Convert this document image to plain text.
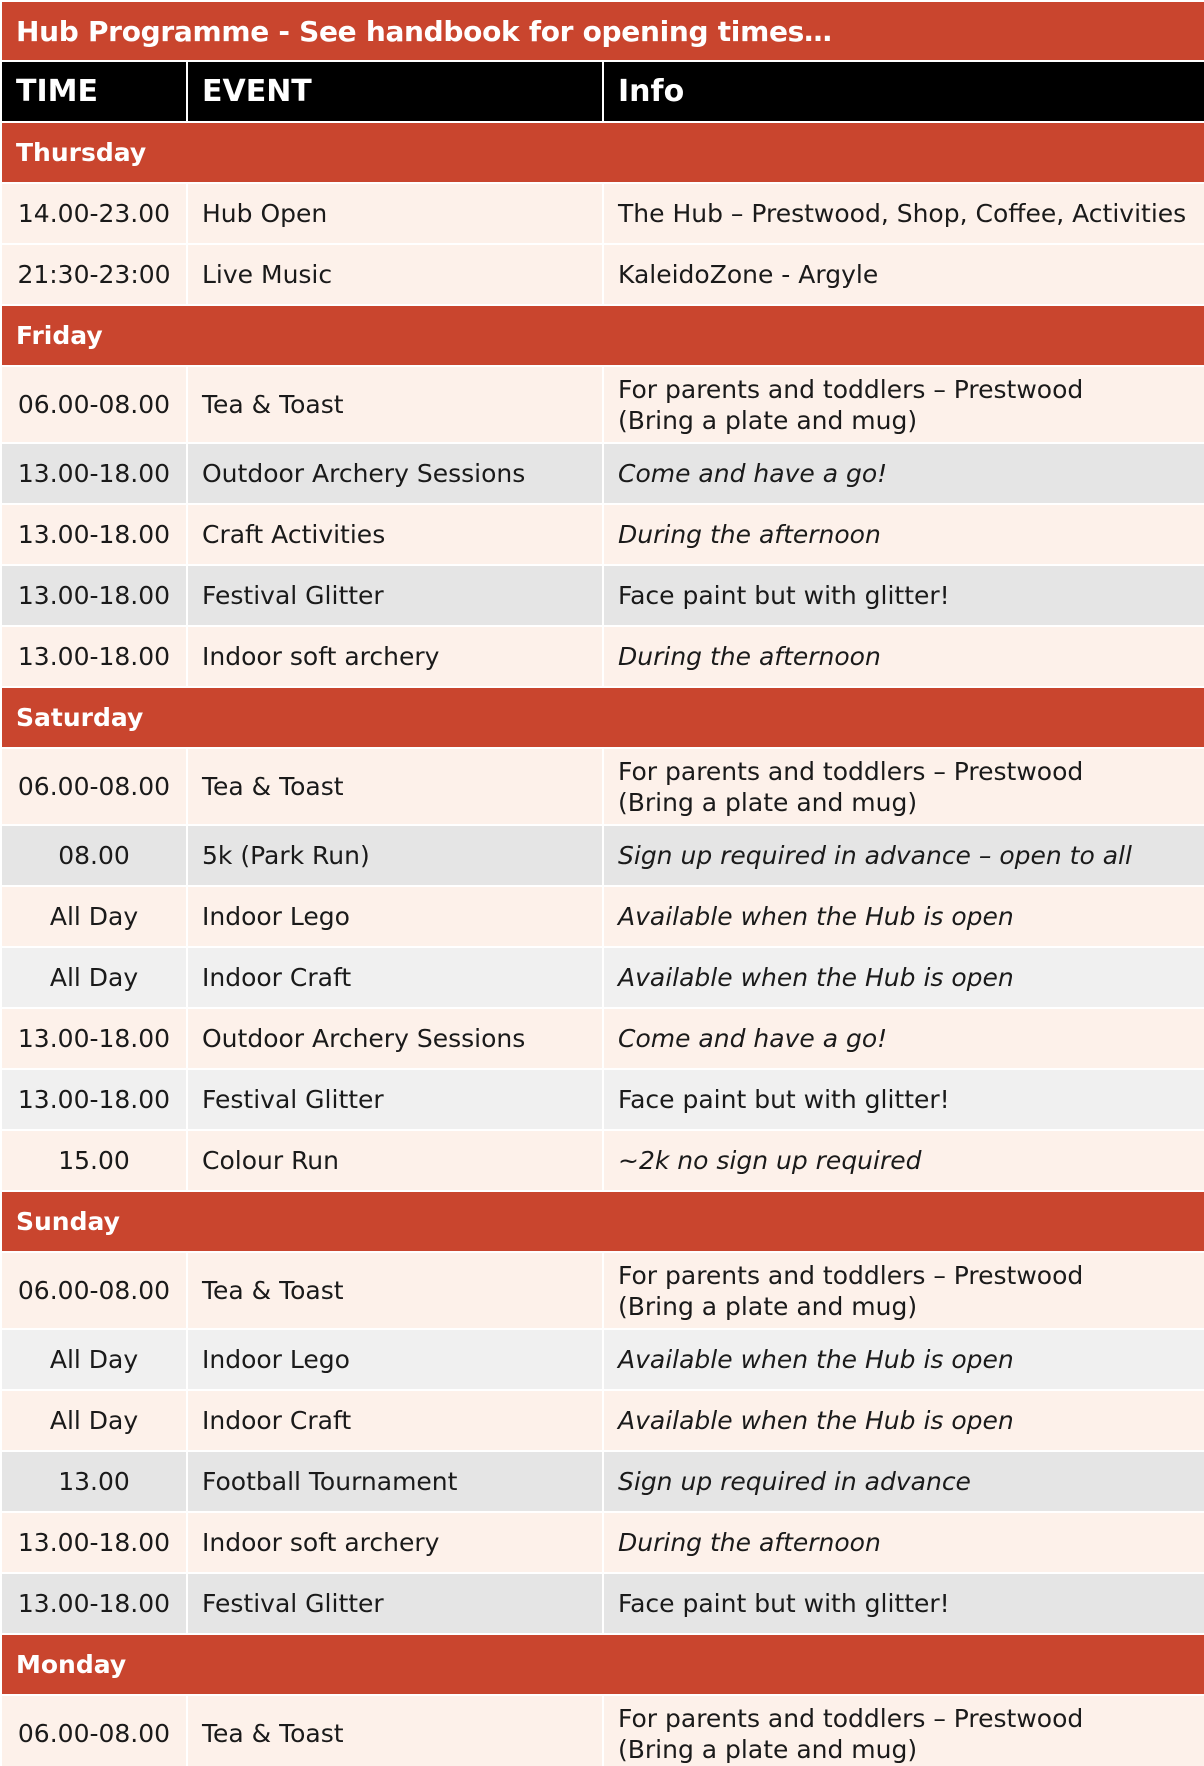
Hub Programme - See handbook for opening times…		
TIME	EVENT	Info
Thursday		
14.00-23.00	Hub Open	The Hub – Prestwood, Shop, Coffee, Activities

21:30-23:00	Live Music	KaleidoZone - Argyle

Friday		
06.00-08.00	Tea & Toast	For parents and toddlers – Prestwood
(Bring a plate and mug)

13.00-18.00	Outdoor Archery Sessions	Come and have a go!

13.00-18.00	Craft Activities	During the afternoon

13.00-18.00	Festival Glitter	Face paint but with glitter!

13.00-18.00	Indoor soft archery	During the afternoon

Saturday		
06.00-08.00	Tea & Toast	For parents and toddlers – Prestwood
(Bring a plate and mug)

08.00	5k (Park Run)	Sign up required in advance – open to all

All Day	Indoor Lego	Available when the Hub is open

All Day	Indoor Craft	Available when the Hub is open

13.00-18.00	Outdoor Archery Sessions	Come and have a go!

13.00-18.00	Festival Glitter	Face paint but with glitter!

15.00	Colour Run	~2k no sign up required

Sunday		
06.00-08.00	Tea & Toast	For parents and toddlers – Prestwood
(Bring a plate and mug)

All Day	Indoor Lego	Available when the Hub is open

All Day	Indoor Craft	Available when the Hub is open

13.00	Football Tournament	Sign up required in advance

13.00-18.00	Indoor soft archery	During the afternoon

13.00-18.00	Festival Glitter	Face paint but with glitter!

Monday		
06.00-08.00	Tea & Toast	For parents and toddlers – Prestwood
(Bring a plate and mug)
